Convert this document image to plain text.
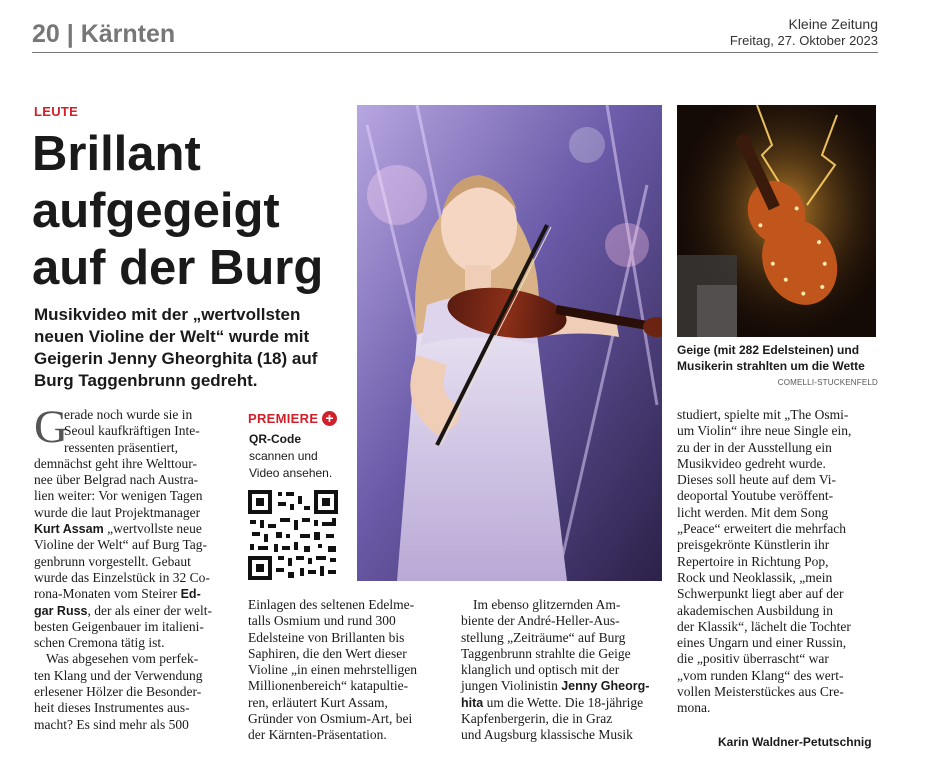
20 | Kärnten	Kleine Zeitung
Freitag, 27. Oktober 2023
LEUTE
Brillant
aufgegeigt
auf der Burg
Musikvideo mit der „wertvollsten
neuen Violine der Welt“ wurde mit
Geigerin Jenny Gheorghita (18) auf
Burg Taggenbrunn gedreht.
Geige (mit 282 Edelsteinen) und
Musikerin strahlten um die Wette
COMELLI-STUCKENFELD
G
erade noch wurde sie in
Seoul kaufkräftigen Inte-
ressenten präsentiert,
demnächst geht ihre Welttour-
nee über Belgrad nach Austra-
lien weiter: Vor wenigen Tagen
wurde die laut Projektmanager
Kurt Assam „wertvollste neue
Violine der Welt“ auf Burg Tag-
genbrunn vorgestellt. Gebaut
wurde das Einzelstück in 32 Co-
rona-Monaten vom Steirer Ed-
gar Russ, der als einer der welt-
besten Geigenbauer im italieni-
schen Cremona tätig ist.
Was abgesehen vom perfek-
ten Klang und der Verwendung
erlesener Hölzer die Besonder-
heit dieses Instrumentes aus-
macht? Es sind mehr als 500
PREMIERE +
QR-Code
scannen und
Video ansehen.
Einlagen des seltenen Edelme-
talls Osmium und rund 300
Edelsteine von Brillanten bis
Saphiren, die den Wert dieser
Violine „in einen mehrstelligen
Millionenbereich“ katapultie-
ren, erläutert Kurt Assam,
Gründer von Osmium-Art, bei
der Kärnten-Präsentation.
Im ebenso glitzernden Am-
biente der André-Heller-Aus-
stellung „Zeiträume“ auf Burg
Taggenbrunn strahlte die Geige
klanglich und optisch mit der
jungen Violinistin Jenny Gheorg-
hita um die Wette. Die 18-jährige
Kapfenbergerin, die in Graz
und Augsburg klassische Musik
studiert, spielte mit „The Osmi-
um Violin“ ihre neue Single ein,
zu der in der Ausstellung ein
Musikvideo gedreht wurde.
Dieses soll heute auf dem Vi-
deoportal Youtube veröffent-
licht werden. Mit dem Song
„Peace“ erweitert die mehrfach
preisgekrönte Künstlerin ihr
Repertoire in Richtung Pop,
Rock und Neoklassik, „mein
Schwerpunkt liegt aber auf der
akademischen Ausbildung in
der Klassik“, lächelt die Tochter
eines Ungarn und einer Russin,
die „positiv überrascht“ war
„vom runden Klang“ des wert-
vollen Meisterstückes aus Cre-
mona.
Karin Waldner-Petutschnig
